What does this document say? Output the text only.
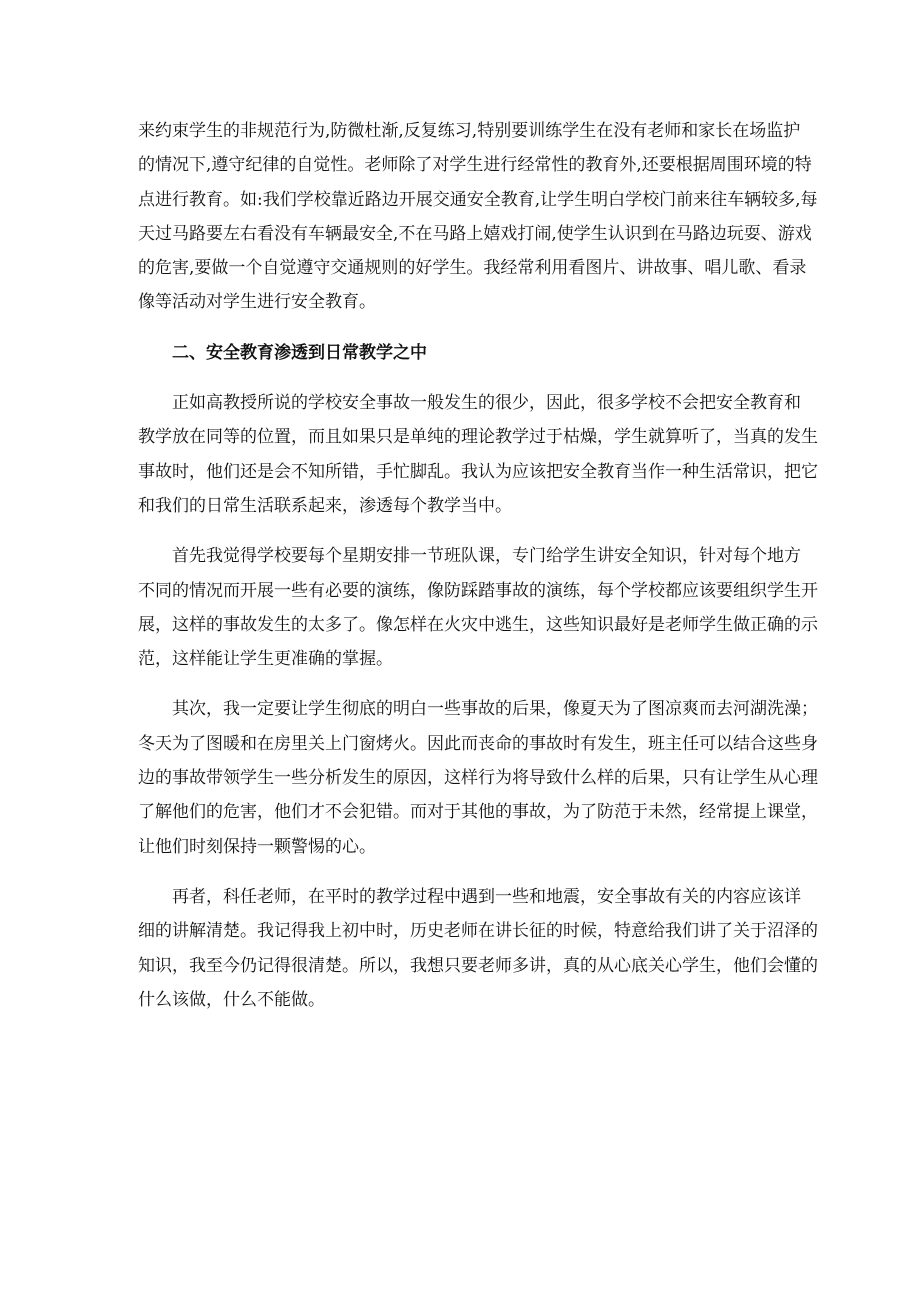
来约束学生的非规范行为,防微杜渐,反复练习,特别要训练学生在没有老师和家长在场监护
的情况下,遵守纪律的自觉性。老师除了对学生进行经常性的教育外,还要根据周围环境的特
点进行教育。如:我们学校靠近路边开展交通安全教育,让学生明白学校门前来往车辆较多,每
天过马路要左右看没有车辆最安全,不在马路上嬉戏打闹,使学生认识到在马路边玩耍、游戏
的危害,要做一个自觉遵守交通规则的好学生。我经常利用看图片、讲故事、唱儿歌、看录
像等活动对学生进行安全教育。

二、安全教育渗透到日常教学之中

正如高教授所说的学校安全事故一般发生的很少，因此，很多学校不会把安全教育和
教学放在同等的位置，而且如果只是单纯的理论教学过于枯燥，学生就算听了，当真的发生
事故时，他们还是会不知所错，手忙脚乱。我认为应该把安全教育当作一种生活常识，把它
和我们的日常生活联系起来，渗透每个教学当中。

首先我觉得学校要每个星期安排一节班队课，专门给学生讲安全知识，针对每个地方
不同的情况而开展一些有必要的演练，像防踩踏事故的演练，每个学校都应该要组织学生开
展，这样的事故发生的太多了。像怎样在火灾中逃生，这些知识最好是老师学生做正确的示
范，这样能让学生更准确的掌握。

其次，我一定要让学生彻底的明白一些事故的后果，像夏天为了图凉爽而去河湖洗澡；
冬天为了图暖和在房里关上门窗烤火。因此而丧命的事故时有发生，班主任可以结合这些身
边的事故带领学生一些分析发生的原因，这样行为将导致什么样的后果，只有让学生从心理
了解他们的危害，他们才不会犯错。而对于其他的事故，为了防范于未然，经常提上课堂，
让他们时刻保持一颗警惕的心。

再者，科任老师，在平时的教学过程中遇到一些和地震，安全事故有关的内容应该详
细的讲解清楚。我记得我上初中时，历史老师在讲长征的时候，特意给我们讲了关于沼泽的
知识，我至今仍记得很清楚。所以，我想只要老师多讲，真的从心底关心学生，他们会懂的
什么该做，什么不能做。
